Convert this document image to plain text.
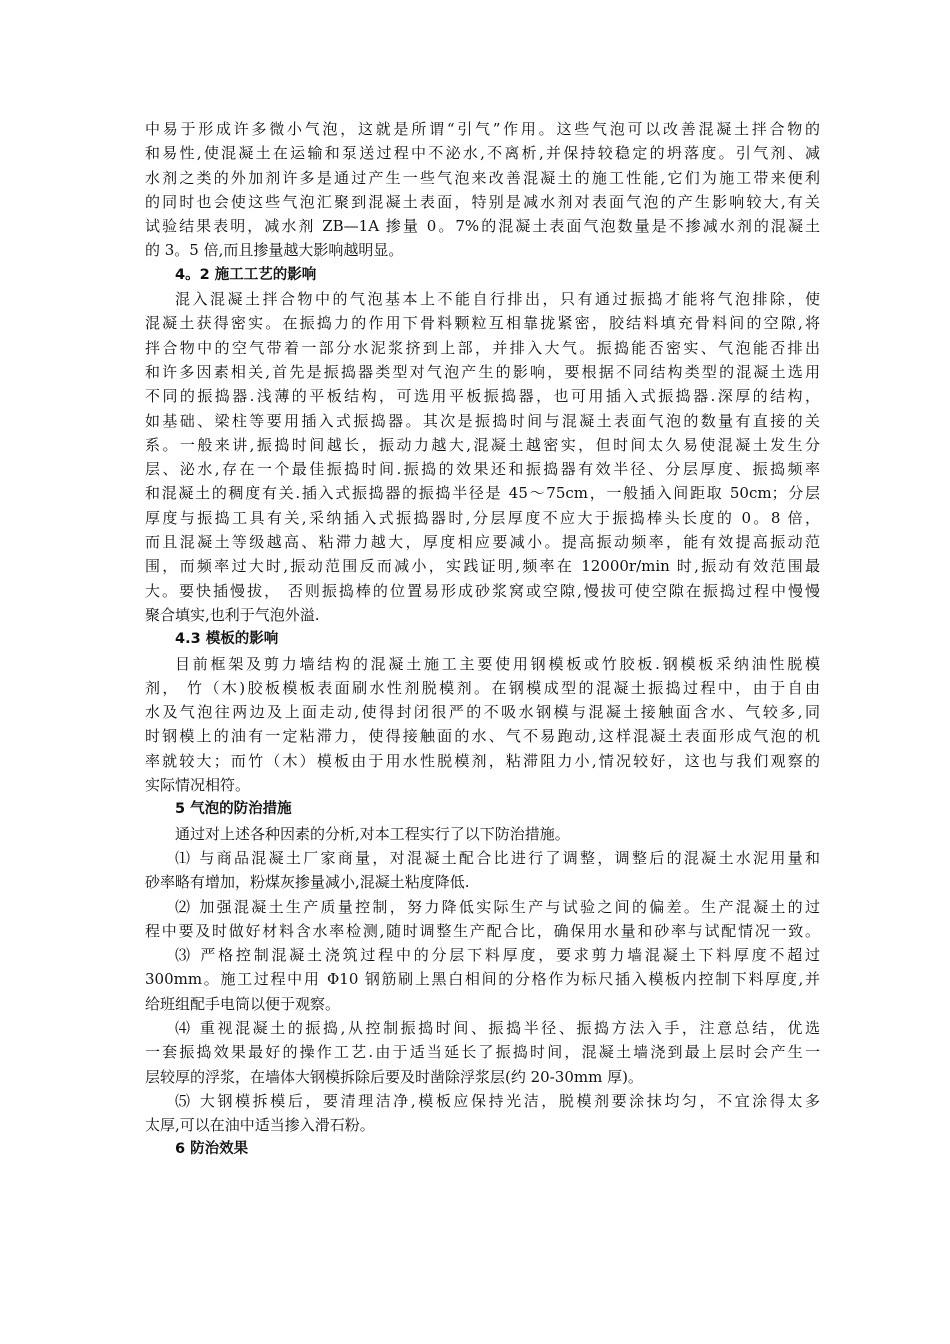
中易于形成许多微小气泡，这就是所谓“引气”作用。这些气泡可以改善混凝土拌合物的
和易性,使混凝土在运输和泵送过程中不泌水,不离析,并保持较稳定的坍落度。引气剂、减
水剂之类的外加剂许多是通过产生一些气泡来改善混凝土的施工性能,它们为施工带来便利
的同时也会使这些气泡汇聚到混凝土表面，特别是减水剂对表面气泡的产生影响较大,有关
试验结果表明，减水剂 ZB—1A 掺量 0。7%的混凝土表面气泡数量是不掺减水剂的混凝土
的 3。5 倍,而且掺量越大影响越明显。
4。2 施工工艺的影响
混入混凝土拌合物中的气泡基本上不能自行排出，只有通过振捣才能将气泡排除，使
混凝土获得密实。在振捣力的作用下骨料颗粒互相靠拢紧密，胶结料填充骨料间的空隙,将
拌合物中的空气带着一部分水泥浆挤到上部，并排入大气。振捣能否密实、气泡能否排出
和许多因素相关,首先是振捣器类型对气泡产生的影响，要根据不同结构类型的混凝土选用
不同的振捣器.浅薄的平板结构，可选用平板振捣器，也可用插入式振捣器.深厚的结构，
如基础、梁柱等要用插入式振捣器。其次是振捣时间与混凝土表面气泡的数量有直接的关
系。一般来讲,振捣时间越长，振动力越大,混凝土越密实，但时间太久易使混凝土发生分
层、泌水,存在一个最佳振捣时间.振捣的效果还和振捣器有效半径、分层厚度、振捣频率
和混凝土的稠度有关.插入式振捣器的振捣半径是 45～75cm，一般插入间距取 50cm；分层
厚度与振捣工具有关,采纳插入式振捣器时,分层厚度不应大于振捣棒头长度的 0。8 倍，
而且混凝土等级越高、粘滞力越大，厚度相应要减小。提高振动频率，能有效提高振动范
围，而频率过大时,振动范围反而减小，实践证明,频率在 12000r/min 时,振动有效范围最
大。要快插慢拔， 否则振捣棒的位置易形成砂浆窝或空隙,慢拔可使空隙在振捣过程中慢慢
聚合填实,也利于气泡外溢.
4.3 模板的影响
目前框架及剪力墙结构的混凝土施工主要使用钢模板或竹胶板.钢模板采纳油性脱模
剂， 竹（木)胶板模板表面刷水性剂脱模剂。在钢模成型的混凝土振捣过程中，由于自由
水及气泡往两边及上面走动,使得封闭很严的不吸水钢模与混凝土接触面含水、气较多,同
时钢模上的油有一定粘滞力，使得接触面的水、气不易跑动,这样混凝土表面形成气泡的机
率就较大；而竹（木）模板由于用水性脱模剂，粘滞阻力小,情况较好，这也与我们观察的
实际情况相符。
5 气泡的防治措施
通过对上述各种因素的分析,对本工程实行了以下防治措施。
⑴ 与商品混凝土厂家商量，对混凝土配合比进行了调整，调整后的混凝土水泥用量和
砂率略有增加，粉煤灰掺量减小,混凝土粘度降低.
⑵ 加强混凝土生产质量控制，努力降低实际生产与试验之间的偏差。生产混凝土的过
程中要及时做好材料含水率检测,随时调整生产配合比，确保用水量和砂率与试配情况一致。
⑶ 严格控制混凝土浇筑过程中的分层下料厚度，要求剪力墙混凝土下料厚度不超过
300mm。施工过程中用 Φ10 钢筋刷上黑白相间的分格作为标尺插入模板内控制下料厚度,并
给班组配手电筒以便于观察。
⑷ 重视混凝土的振捣,从控制振捣时间、振捣半径、振捣方法入手，注意总结，优选
一套振捣效果最好的操作工艺.由于适当延长了振捣时间，混凝土墙浇到最上层时会产生一
层较厚的浮浆，在墙体大钢模拆除后要及时凿除浮浆层(约 20-30mm 厚)。
⑸ 大钢模拆模后，要清理洁净,模板应保持光洁，脱模剂要涂抹均匀，不宜涂得太多
太厚,可以在油中适当掺入滑石粉。
6 防治效果
